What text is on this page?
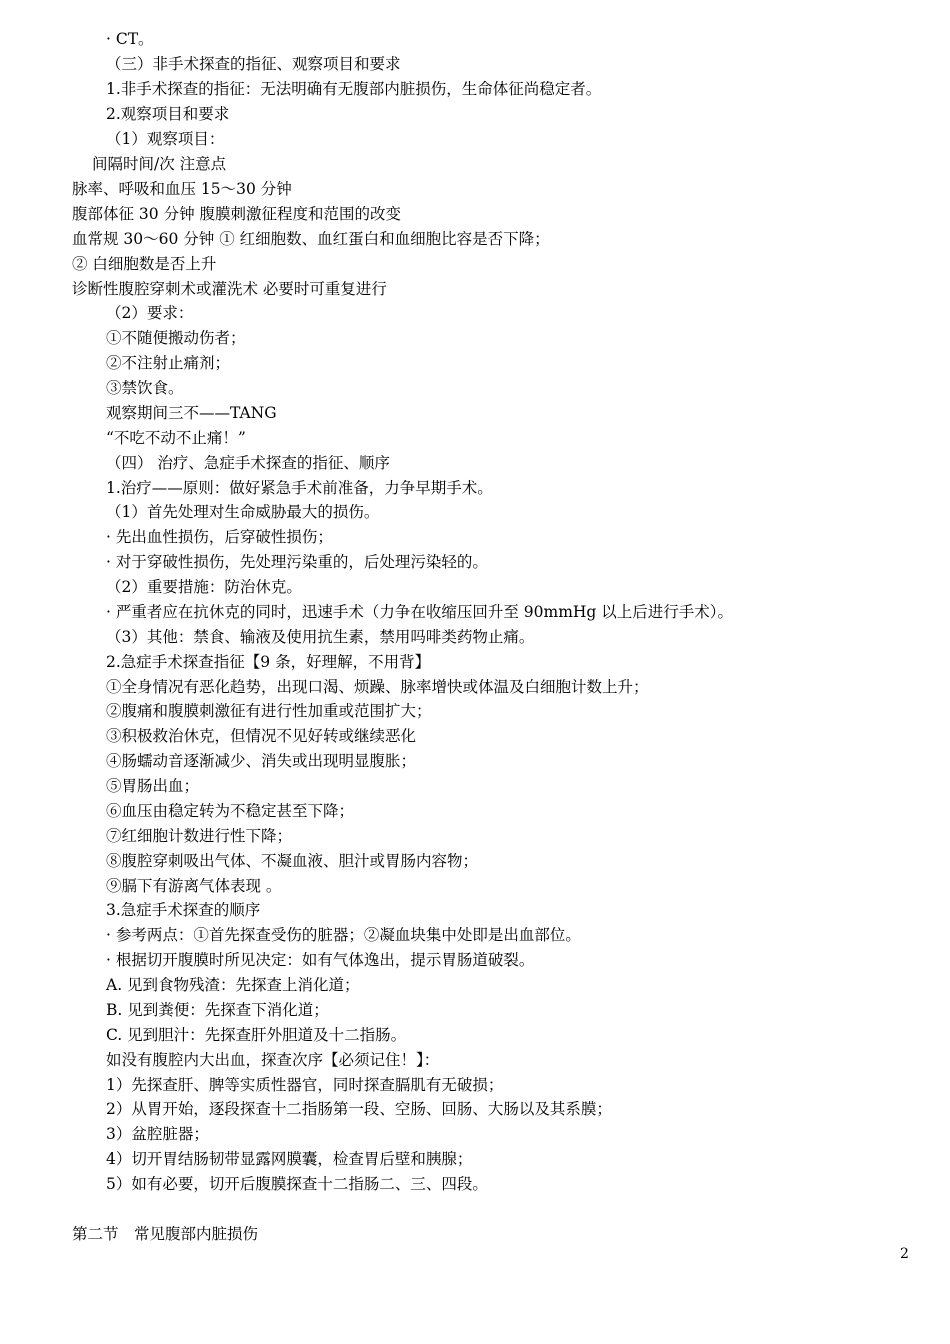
· CT。
（三）非手术探查的指征、观察项目和要求
1.非手术探查的指征：无法明确有无腹部内脏损伤，生命体征尚稳定者。
2.观察项目和要求
（1）观察项目：
间隔时间/次 注意点
脉率、呼吸和血压 15～30 分钟
腹部体征 30 分钟 腹膜刺激征程度和范围的改变
血常规 30～60 分钟 ① 红细胞数、血红蛋白和血细胞比容是否下降；
② 白细胞数是否上升
诊断性腹腔穿刺术或灌洗术 必要时可重复进行
（2）要求：
①不随便搬动伤者；
②不注射止痛剂；
③禁饮食。
观察期间三不——TANG
“不吃不动不止痛！”
（四） 治疗、急症手术探查的指征、顺序
1.治疗——原则：做好紧急手术前准备，力争早期手术。
（1）首先处理对生命威胁最大的损伤。
· 先出血性损伤，后穿破性损伤；
· 对于穿破性损伤，先处理污染重的，后处理污染轻的。
（2）重要措施：防治休克。
· 严重者应在抗休克的同时，迅速手术（力争在收缩压回升至 90mmHg 以上后进行手术）。
（3）其他：禁食、输液及使用抗生素，禁用吗啡类药物止痛。
2.急症手术探查指征【9 条，好理解，不用背】
①全身情况有恶化趋势，出现口渴、烦躁、脉率增快或体温及白细胞计数上升；
②腹痛和腹膜刺激征有进行性加重或范围扩大；
③积极救治休克，但情况不见好转或继续恶化
④肠蠕动音逐渐减少、消失或出现明显腹胀；
⑤胃肠出血；
⑥血压由稳定转为不稳定甚至下降；
⑦红细胞计数进行性下降；
⑧腹腔穿刺吸出气体、不凝血液、胆汁或胃肠内容物；
⑨膈下有游离气体表现 。
3.急症手术探查的顺序
· 参考两点：①首先探查受伤的脏器；②凝血块集中处即是出血部位。
· 根据切开腹膜时所见决定：如有气体逸出，提示胃肠道破裂。
A. 见到食物残渣：先探查上消化道；
B. 见到粪便：先探查下消化道；
C. 见到胆汁：先探查肝外胆道及十二指肠。
如没有腹腔内大出血，探查次序【必须记住！】：
1）先探查肝、脾等实质性器官，同时探查膈肌有无破损；
2）从胃开始，逐段探查十二指肠第一段、空肠、回肠、大肠以及其系膜；
3）盆腔脏器；
4）切开胃结肠韧带显露网膜囊，检查胃后壁和胰腺；
5）如有必要，切开后腹膜探查十二指肠二、三、四段。
第二节　常见腹部内脏损伤
2
